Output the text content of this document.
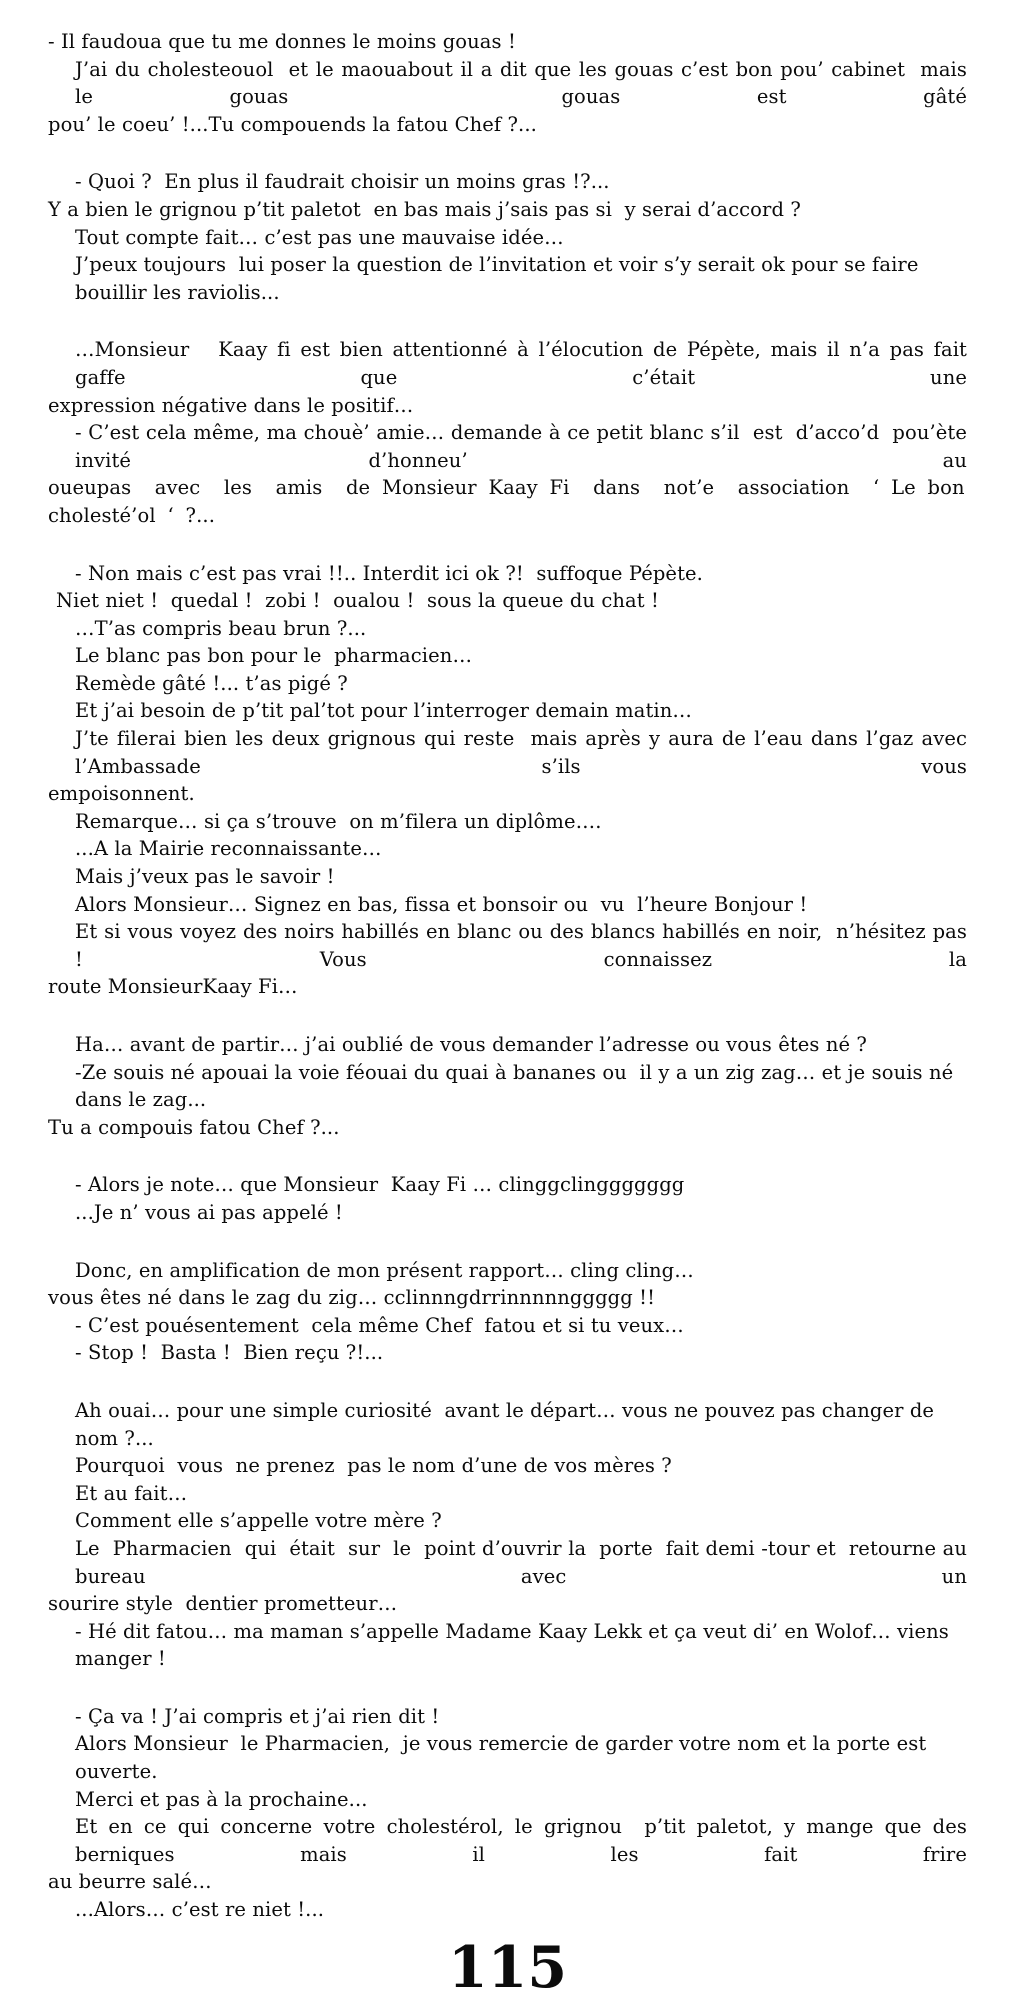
- Il faudoua que tu me donnes le moins gouas !
J’ai du cholesteouol  et le maouabout il a dit que les gouas c’est bon pou’ cabinet  mais  le gouas  gouas est gâté
pou’ le coeu’ !...Tu compouends la fatou Chef ?...
- Quoi ?  En plus il faudrait choisir un moins gras !?...
Y a bien le grignou p’tit paletot  en bas mais j’sais pas si  y serai d’accord ?
Tout compte fait… c’est pas une mauvaise idée…
J’peux toujours  lui poser la question de l’invitation et voir s’y serait ok pour se faire bouillir les raviolis...
…Monsieur   Kaay fi est bien attentionné à l’élocution de Pépète, mais il n’a pas fait gaffe que c’était une
expression négative dans le positif…
- C’est cela même, ma chouè’ amie… demande à ce petit blanc s’il  est  d’acco’d  pou’ète invité d’honneu’  au
oueupas  avec  les  amis  de Monsieur Kaay Fi  dans  not’e  association  ‘ Le bon cholesté’ol ‘ ?...
- Non mais c’est pas vrai !!.. Interdit ici ok ?!  suffoque Pépète.
Niet niet !  quedal !  zobi !  oualou !  sous la queue du chat !
…T’as compris beau brun ?...
Le blanc pas bon pour le  pharmacien…
Remède gâté !... t’as pigé ?
Et j’ai besoin de p’tit pal’tot pour l’interroger demain matin…
J’te filerai bien les deux grignous qui reste  mais après y aura de l’eau dans l’gaz avec l’Ambassade s’ils vous
empoisonnent.
Remarque… si ça s’trouve  on m’filera un diplôme….
...A la Mairie reconnaissante…
Mais j’veux pas le savoir !
Alors Monsieur… Signez en bas, fissa et bonsoir ou  vu  l’heure Bonjour !
Et si vous voyez des noirs habillés en blanc ou des blancs habillés en noir,  n’hésitez pas ! Vous connaissez la
route MonsieurKaay Fi…
Ha… avant de partir… j’ai oublié de vous demander l’adresse ou vous êtes né ?
-Ze souis né apouai la voie féouai du quai à bananes ou  il y a un zig zag… et je souis né dans le zag...
Tu a compouis fatou Chef ?...
- Alors je note… que Monsieur  Kaay Fi … clinggclinggggggg
...Je n’ vous ai pas appelé !
Donc, en amplification de mon présent rapport… cling cling…
vous êtes né dans le zag du zig… cclinnngdrrinnnnnggggg !!
- C’est pouésentement  cela même Chef  fatou et si tu veux…
- Stop !  Basta !  Bien reçu ?!...
Ah ouai… pour une simple curiosité  avant le départ… vous ne pouvez pas changer de nom ?...
Pourquoi  vous  ne prenez  pas le nom d’une de vos mères ?
Et au fait…
Comment elle s’appelle votre mère ?
Le  Pharmacien  qui  était  sur  le  point d’ouvrir la  porte  fait demi -tour et  retourne au  bureau  avec  un
sourire style  dentier prometteur…
- Hé dit fatou… ma maman s’appelle Madame Kaay Lekk et ça veut di’ en Wolof… viens manger !
- Ça va ! J’ai compris et j’ai rien dit !
Alors Monsieur  le Pharmacien,  je vous remercie de garder votre nom et la porte est ouverte.
Merci et pas à la prochaine...
Et en ce qui concerne votre cholestérol, le grignou  p’tit paletot, y mange que des berniques mais il les fait frire
au beurre salé…
...Alors… c’est re niet !...
115
